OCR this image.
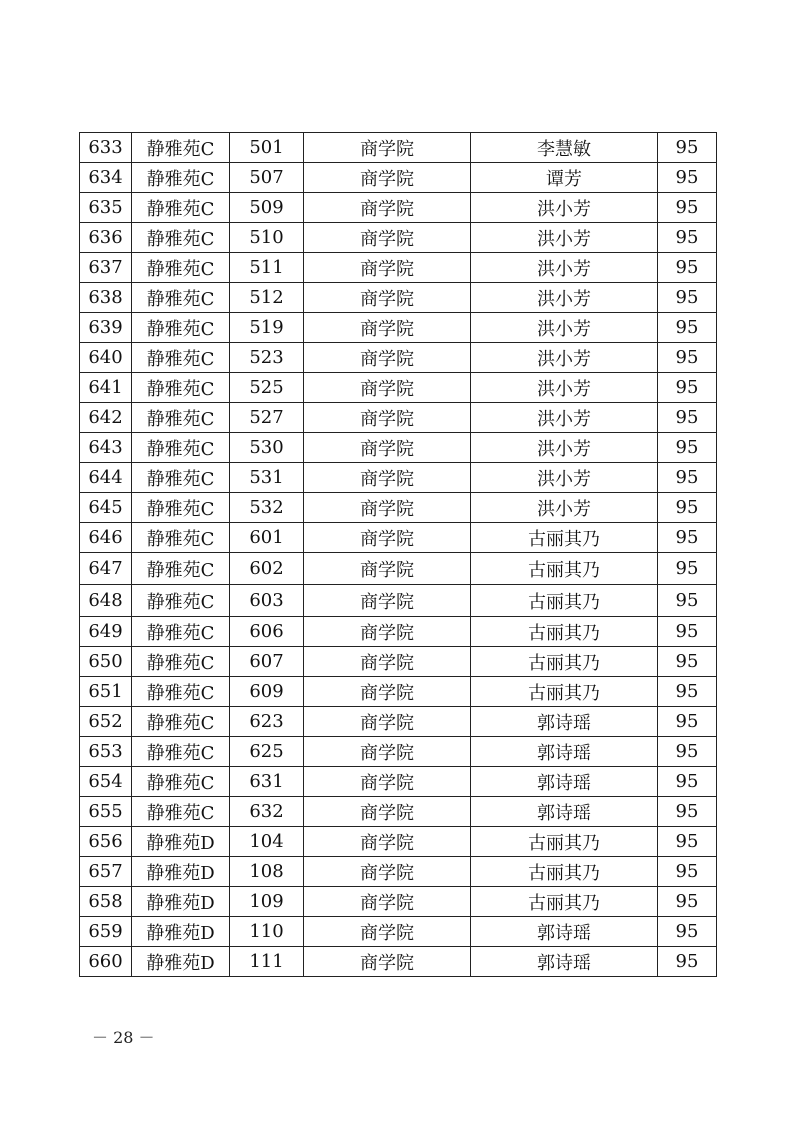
633	静雅苑C	501	商学院	李慧敏	95
634	静雅苑C	507	商学院	谭芳	95
635	静雅苑C	509	商学院	洪小芳	95
636	静雅苑C	510	商学院	洪小芳	95
637	静雅苑C	511	商学院	洪小芳	95
638	静雅苑C	512	商学院	洪小芳	95
639	静雅苑C	519	商学院	洪小芳	95
640	静雅苑C	523	商学院	洪小芳	95
641	静雅苑C	525	商学院	洪小芳	95
642	静雅苑C	527	商学院	洪小芳	95
643	静雅苑C	530	商学院	洪小芳	95
644	静雅苑C	531	商学院	洪小芳	95
645	静雅苑C	532	商学院	洪小芳	95
646	静雅苑C	601	商学院	古丽其乃	95
647	静雅苑C	602	商学院	古丽其乃	95
648	静雅苑C	603	商学院	古丽其乃	95
649	静雅苑C	606	商学院	古丽其乃	95
650	静雅苑C	607	商学院	古丽其乃	95
651	静雅苑C	609	商学院	古丽其乃	95
652	静雅苑C	623	商学院	郭诗瑶	95
653	静雅苑C	625	商学院	郭诗瑶	95
654	静雅苑C	631	商学院	郭诗瑶	95
655	静雅苑C	632	商学院	郭诗瑶	95
656	静雅苑D	104	商学院	古丽其乃	95
657	静雅苑D	108	商学院	古丽其乃	95
658	静雅苑D	109	商学院	古丽其乃	95
659	静雅苑D	110	商学院	郭诗瑶	95
660	静雅苑D	111	商学院	郭诗瑶	95
－ 28 －
